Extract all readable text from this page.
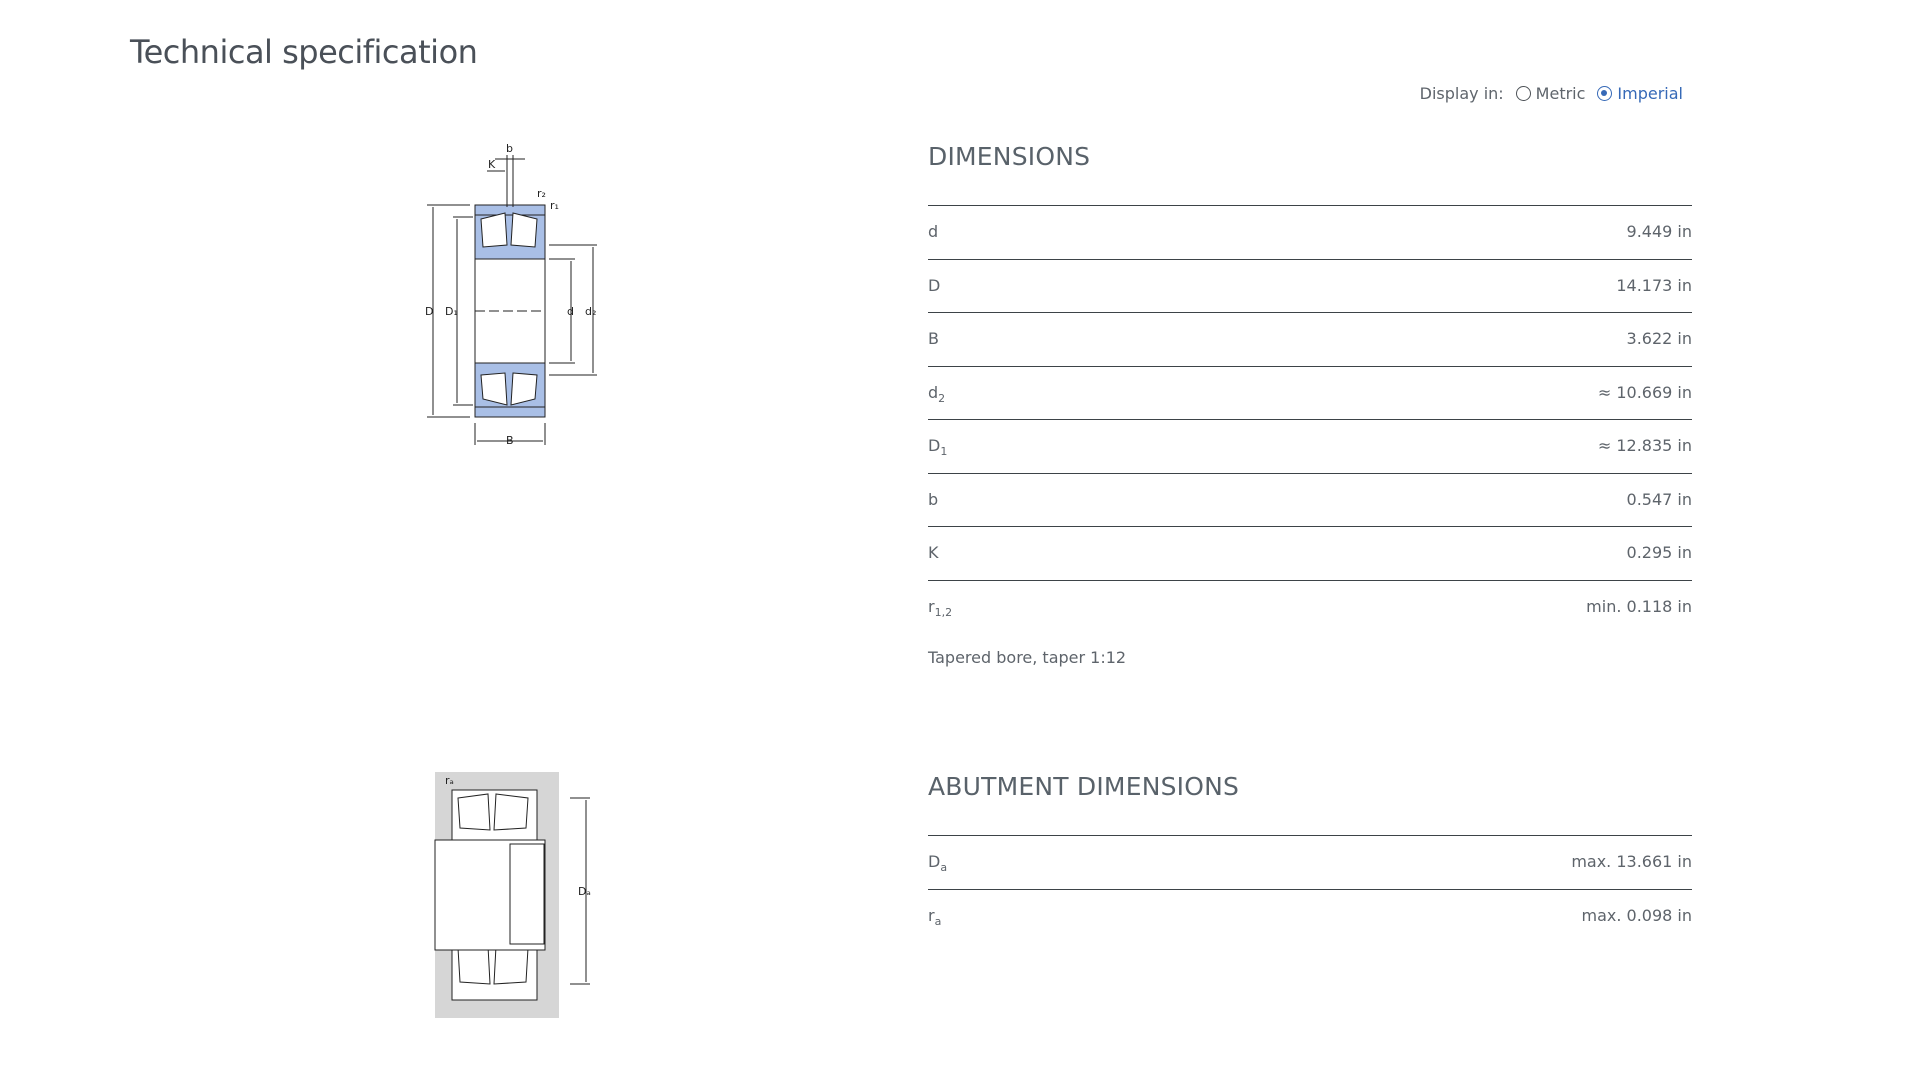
Technical specification
Display in: Metric Imperial
b
K
r₂
r₁
D D₁	d d₂
B
rₐ
Dₐ
DIMENSIONS
d	9.449 in
D	14.173 in
B	3.622 in
$d_2$	≈ 10.669 in
$D_1$	≈ 12.835 in
b	0.547 in
K	0.295 in
$r_{1,2}$	min. 0.118 in
Tapered bore, taper 1:12
ABUTMENT DIMENSIONS
$D_a$	max. 13.661 in
$r_a$	max. 0.098 in
